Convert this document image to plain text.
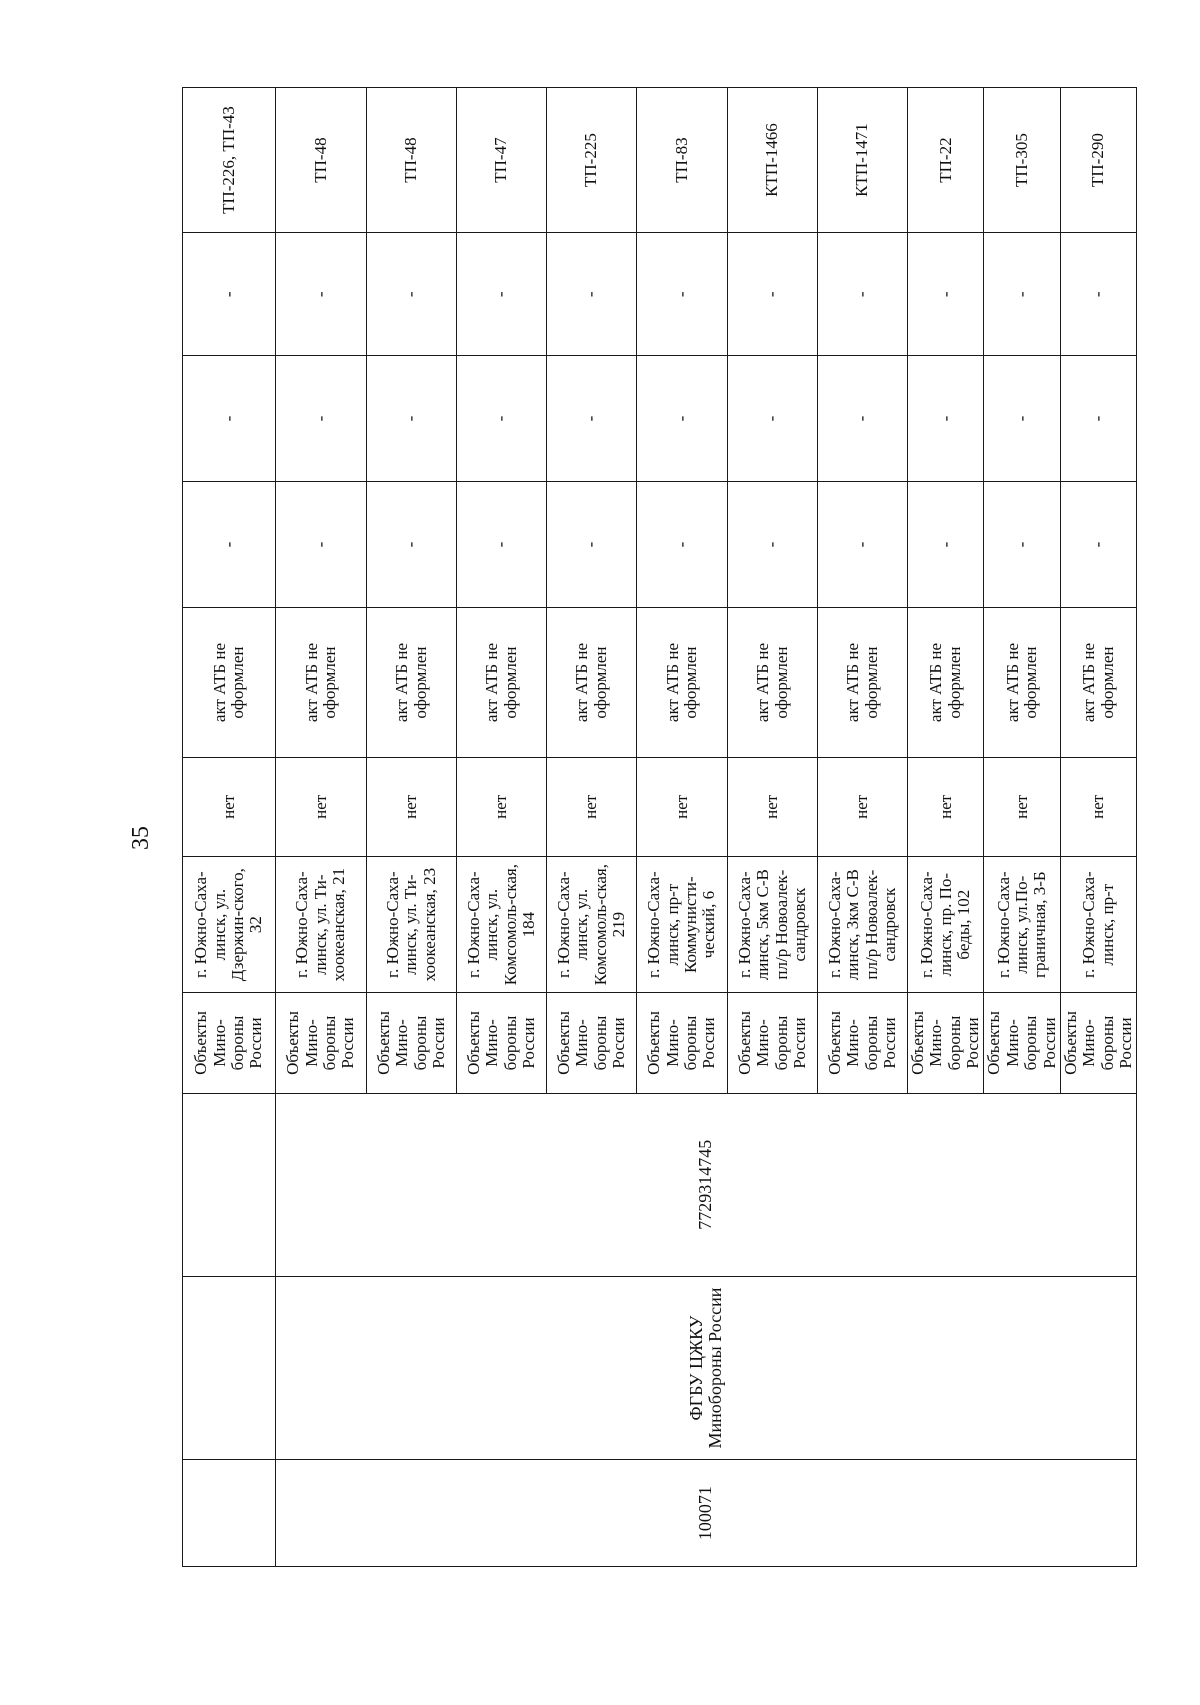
35
			Объекты Мино-бороны России	г. Южно-Саха-линск, ул. Дзержин-ского, 32	нет	акт АТБ не оформлен	-	-	-	ТП-226, ТП-43
100071	ФГБУ ЦЖКУ Минобороны России	7729314745	Объекты Мино-бороны России	г. Южно-Саха-линск, ул. Ти-хоокеанская, 21	нет	акт АТБ не оформлен	-	-	-	ТП-48
			Объекты Мино-бороны России	г. Южно-Саха-линск, ул. Ти-хоокеанская, 23	нет	акт АТБ не оформлен	-	-	-	ТП-48
			Объекты Мино-бороны России	г. Южно-Саха-линск, ул. Комсомоль-ская, 184	нет	акт АТБ не оформлен	-	-	-	ТП-47
			Объекты Мино-бороны России	г. Южно-Саха-линск, ул. Комсомоль-ская, 219	нет	акт АТБ не оформлен	-	-	-	ТП-225
			Объекты Мино-бороны России	г. Южно-Саха-линск, пр-т Коммунисти-ческий, 6	нет	акт АТБ не оформлен	-	-	-	ТП-83
			Объекты Мино-бороны России	г. Южно-Саха-линск, 5км С-В пл/р Новоалек-сандровск	нет	акт АТБ не оформлен	-	-	-	КТП-1466
			Объекты Мино-бороны России	г. Южно-Саха-линск, 3км С-В пл/р Новоалек-сандровск	нет	акт АТБ не оформлен	-	-	-	КТП-1471
			Объекты Мино-бороны России	г. Южно-Саха-линск, пр. По-беды, 102	нет	акт АТБ не оформлен	-	-	-	ТП-22
			Объекты Мино-бороны России	г. Южно-Саха-линск, ул.По-граничная, 3-Б	нет	акт АТБ не оформлен	-	-	-	ТП-305
			Объекты Мино-бороны России	г. Южно-Саха-линск, пр-т	нет	акт АТБ не оформлен	-	-	-	ТП-290
